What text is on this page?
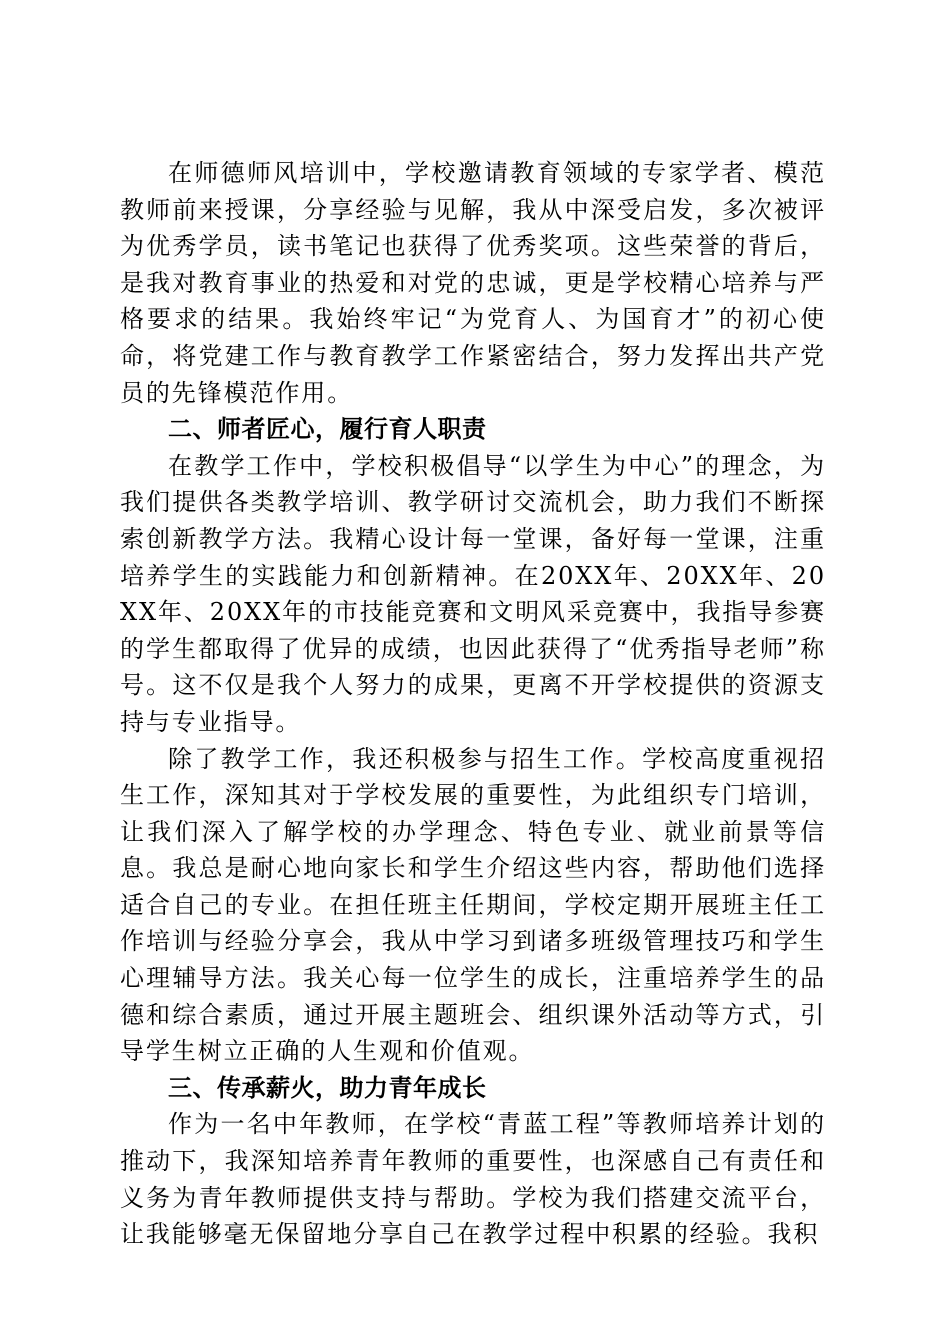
在师德师风培训中，学校邀请教育领域的专家学者、模范教师前来授课，分享经验与见解，我从中深受启发，多次被评为优秀学员，读书笔记也获得了优秀奖项。这些荣誉的背后，是我对教育事业的热爱和对党的忠诚，更是学校精心培养与严格要求的结果。我始终牢记“为党育人、为国育才”的初心使命，将党建工作与教育教学工作紧密结合，努力发挥出共产党员的先锋模范作用。

二、师者匠心，履行育人职责

在教学工作中，学校积极倡导“以学生为中心”的理念，为我们提供各类教学培训、教学研讨交流机会，助力我们不断探索创新教学方法。我精心设计每一堂课，备好每一堂课，注重培养学生的实践能力和创新精神。在20XX年、20XX年、20XX年、20XX年的市技能竞赛和文明风采竞赛中，我指导参赛的学生都取得了优异的成绩，也因此获得了“优秀指导老师”称号。这不仅是我个人努力的成果，更离不开学校提供的资源支持与专业指导。

除了教学工作，我还积极参与招生工作。学校高度重视招生工作，深知其对于学校发展的重要性，为此组织专门培训，让我们深入了解学校的办学理念、特色专业、就业前景等信息。我总是耐心地向家长和学生介绍这些内容，帮助他们选择适合自己的专业。在担任班主任期间，学校定期开展班主任工作培训与经验分享会，我从中学习到诸多班级管理技巧和学生心理辅导方法。我关心每一位学生的成长，注重培养学生的品德和综合素质，通过开展主题班会、组织课外活动等方式，引导学生树立正确的人生观和价值观。

三、传承薪火，助力青年成长

作为一名中年教师，在学校“青蓝工程”等教师培养计划的推动下，我深知培养青年教师的重要性，也深感自己有责任和义务为青年教师提供支持与帮助。学校为我们搭建交流平台，让我能够毫无保留地分享自己在教学过程中积累的经验。我积
